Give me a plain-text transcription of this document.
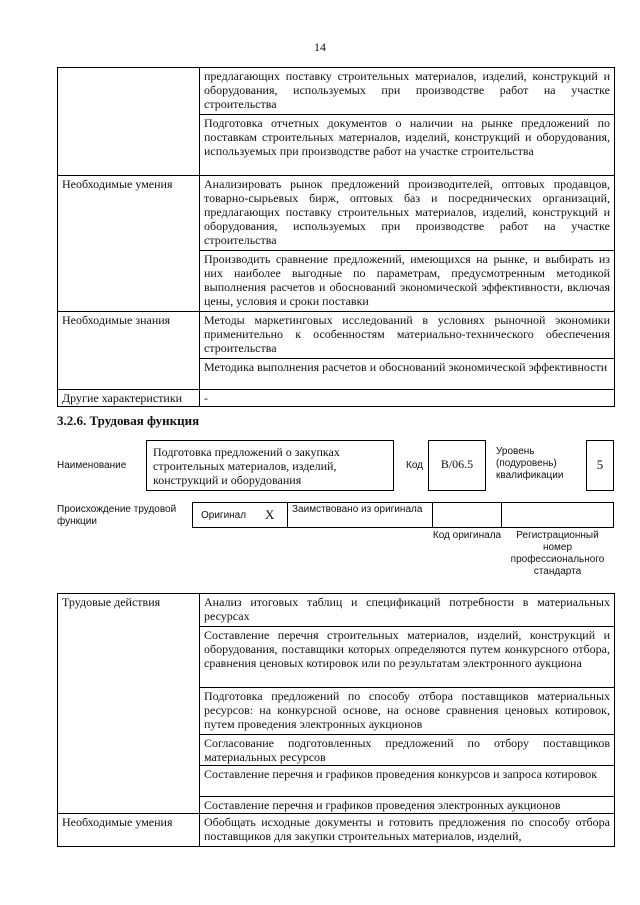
14
	предлагающих поставку строительных материалов, изделий, конструкций и оборудования, используемых при производстве работ на участке строительства
	Подготовка отчетных документов о наличии на рынке предложений по поставкам строительных материалов, изделий, конструкций и оборудования, используемых при производстве работ на участке строительства
Необходимые умения	Анализировать рынок предложений производителей, оптовых продавцов, товарно-сырьевых бирж, оптовых баз и посреднических организаций, предлагающих поставку строительных материалов, изделий, конструкций и оборудования, используемых при производстве работ на участке строительства
	Производить сравнение предложений, имеющихся на рынке, и выбирать из них наиболее выгодные по параметрам, предусмотренным методикой выполнения расчетов и обоснований экономической эффективности, включая цены, условия и сроки поставки
Необходимые знания	Методы маркетинговых исследований в условиях рыночной экономики применительно к особенностям материально-технического обеспечения строительства
	Методика выполнения расчетов и обоснований экономической эффективности
Другие характеристики	-
3.2.6. Трудовая функция
Наименование
Подготовка предложений о закупках строительных материалов, изделий, конструкций и оборудования
Код	B/06.5
Уровень (подуровень) квалификации
5
Происхождение трудовой функции
Оригинал X Заимствовано из оригинала
Код оригинала	Регистрационный номер профессионального стандарта
Трудовые действия	Анализ итоговых таблиц и спецификаций потребности в материальных ресурсах
	Составление перечня строительных материалов, изделий, конструкций и оборудования, поставщики которых определяются путем конкурсного отбора, сравнения ценовых котировок или по результатам электронного аукциона
	Подготовка предложений по способу отбора поставщиков материальных ресурсов: на конкурсной основе, на основе сравнения ценовых котировок, путем проведения электронных аукционов
	Согласование подготовленных предложений по отбору поставщиков материальных ресурсов
	Составление перечня и графиков проведения конкурсов и запроса котировок
	Составление перечня и графиков проведения электронных аукционов
Необходимые умения	Обобщать исходные документы и готовить предложения по способу отбора поставщиков для закупки строительных материалов, изделий,
